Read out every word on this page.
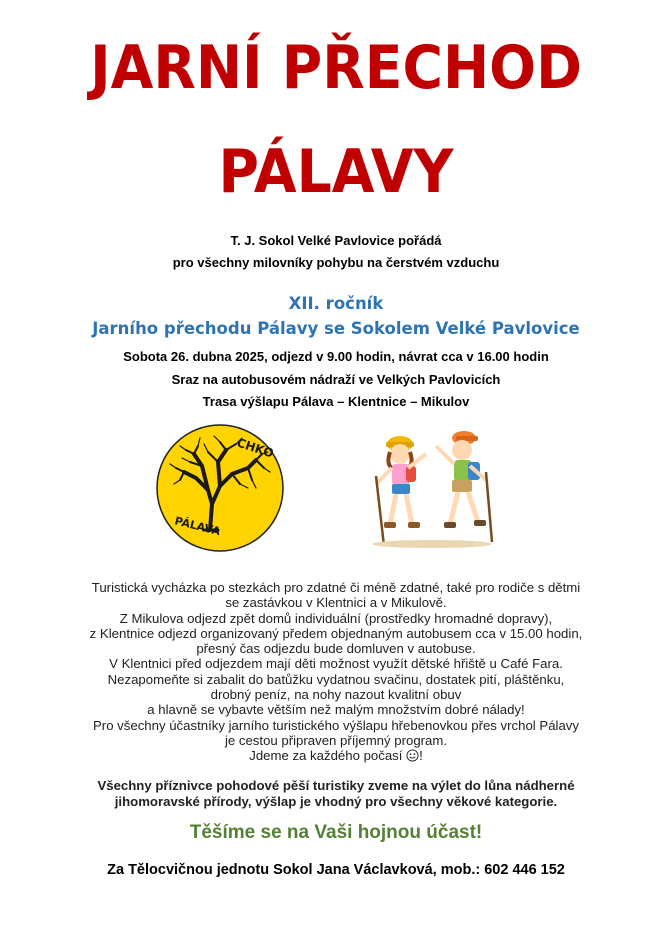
JARNÍ PŘECHOD
PÁLAVY
T. J. Sokol Velké Pavlovice pořádá
pro všechny milovníky pohybu na čerstvém vzduchu
XII. ročník
Jarního přechodu Pálavy se Sokolem Velké Pavlovice
Sobota 26. dubna 2025, odjezd v 9.00 hodin, návrat cca v 16.00 hodin
Sraz na autobusovém nádraží ve Velkých Pavlovicích
Trasa výšlapu Pálava – Klentnice – Mikulov
CHKO
PÁLAVA
Turistická vycházka po stezkách pro zdatné či méně zdatné, také pro rodiče s dětmi
se zastávkou v Klentnici a v Mikulově.
Z Mikulova odjezd zpět domů individuální (prostředky hromadné dopravy),
z Klentnice odjezd organizovaný předem objednaným autobusem cca v 15.00 hodin,
přesný čas odjezdu bude domluven v autobuse.
V Klentnici před odjezdem mají děti možnost využít dětské hřiště u Café Fara.
Nezapomeňte si zabalit do batůžku vydatnou svačinu, dostatek pití, pláštěnku,
drobný peníz, na nohy nazout kvalitní obuv
a hlavně se vybavte větším než malým množstvím dobré nálady!
Pro všechny účastníky jarního turistického výšlapu hřebenovkou přes vrchol Pálavy
je cestou připraven příjemný program.
Jdeme za každého počasí !
Všechny příznivce pohodové pěší turistiky zveme na výlet do lůna nádherné
jihomoravské přírody, výšlap je vhodný pro všechny věkové kategorie.
Těšíme se na Vaši hojnou účast!
Za Tělocvičnou jednotu Sokol Jana Václavková, mob.: 602 446 152
